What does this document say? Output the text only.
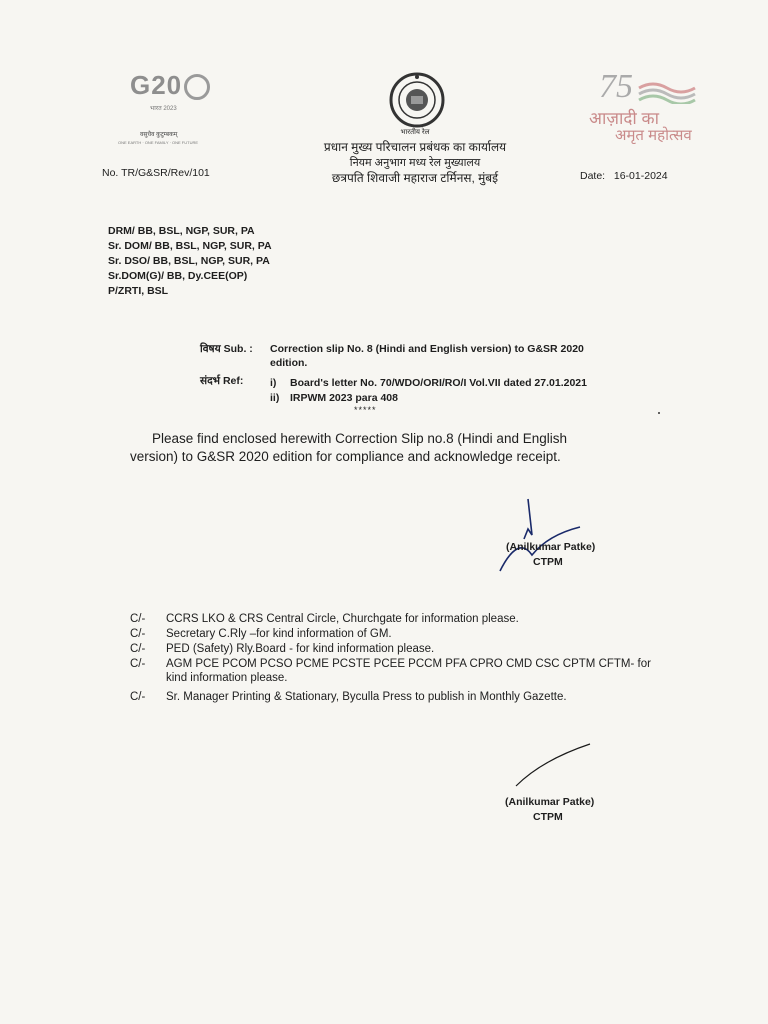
G20
भारत 2023
वसुधैव कुटुम्बकम्
ONE EARTH · ONE FAMILY · ONE FUTURE
भारतीय रेल
प्रधान मुख्य परिचालन प्रबंधक का कार्यालय
नियम अनुभाग मध्य रेल मुख्यालय
छत्रपति शिवाजी महाराज टर्मिनस, मुंबई
75
आज़ादी का
अमृत महोत्सव
No. TR/G&SR/Rev/101	Date: 16-01-2024
DRM/ BB, BSL, NGP, SUR, PA
Sr. DOM/ BB, BSL, NGP, SUR, PA
Sr. DSO/ BB, BSL, NGP, SUR, PA
Sr.DOM(G)/ BB, Dy.CEE(OP)
P/ZRTI, BSL
विषय Sub. : Correction slip No. 8 (Hindi and English version) to G&SR 2020 edition.
संदर्भ Ref:	i) Board's letter No. 70/WDO/ORI/RO/I Vol.VII dated 27.01.2021
ii) IRPWM 2023 para 408
*****
Please find enclosed herewith Correction Slip no.8 (Hindi and English version) to G&SR 2020 edition for compliance and acknowledge receipt.
(Anilkumar Patke)
CTPM
C/-	CCRS LKO & CRS Central Circle, Churchgate for information please.
C/-	Secretary C.Rly –for kind information of GM.
C/-	PED (Safety) Rly.Board - for kind information please.
C/-	AGM PCE PCOM PCSO PCME PCSTE PCEE PCCM PFA CPRO CMD CSC CPTM CFTM- for kind information please.
C/-	Sr. Manager Printing & Stationary, Byculla Press to publish in Monthly Gazette.
(Anilkumar Patke)
CTPM
